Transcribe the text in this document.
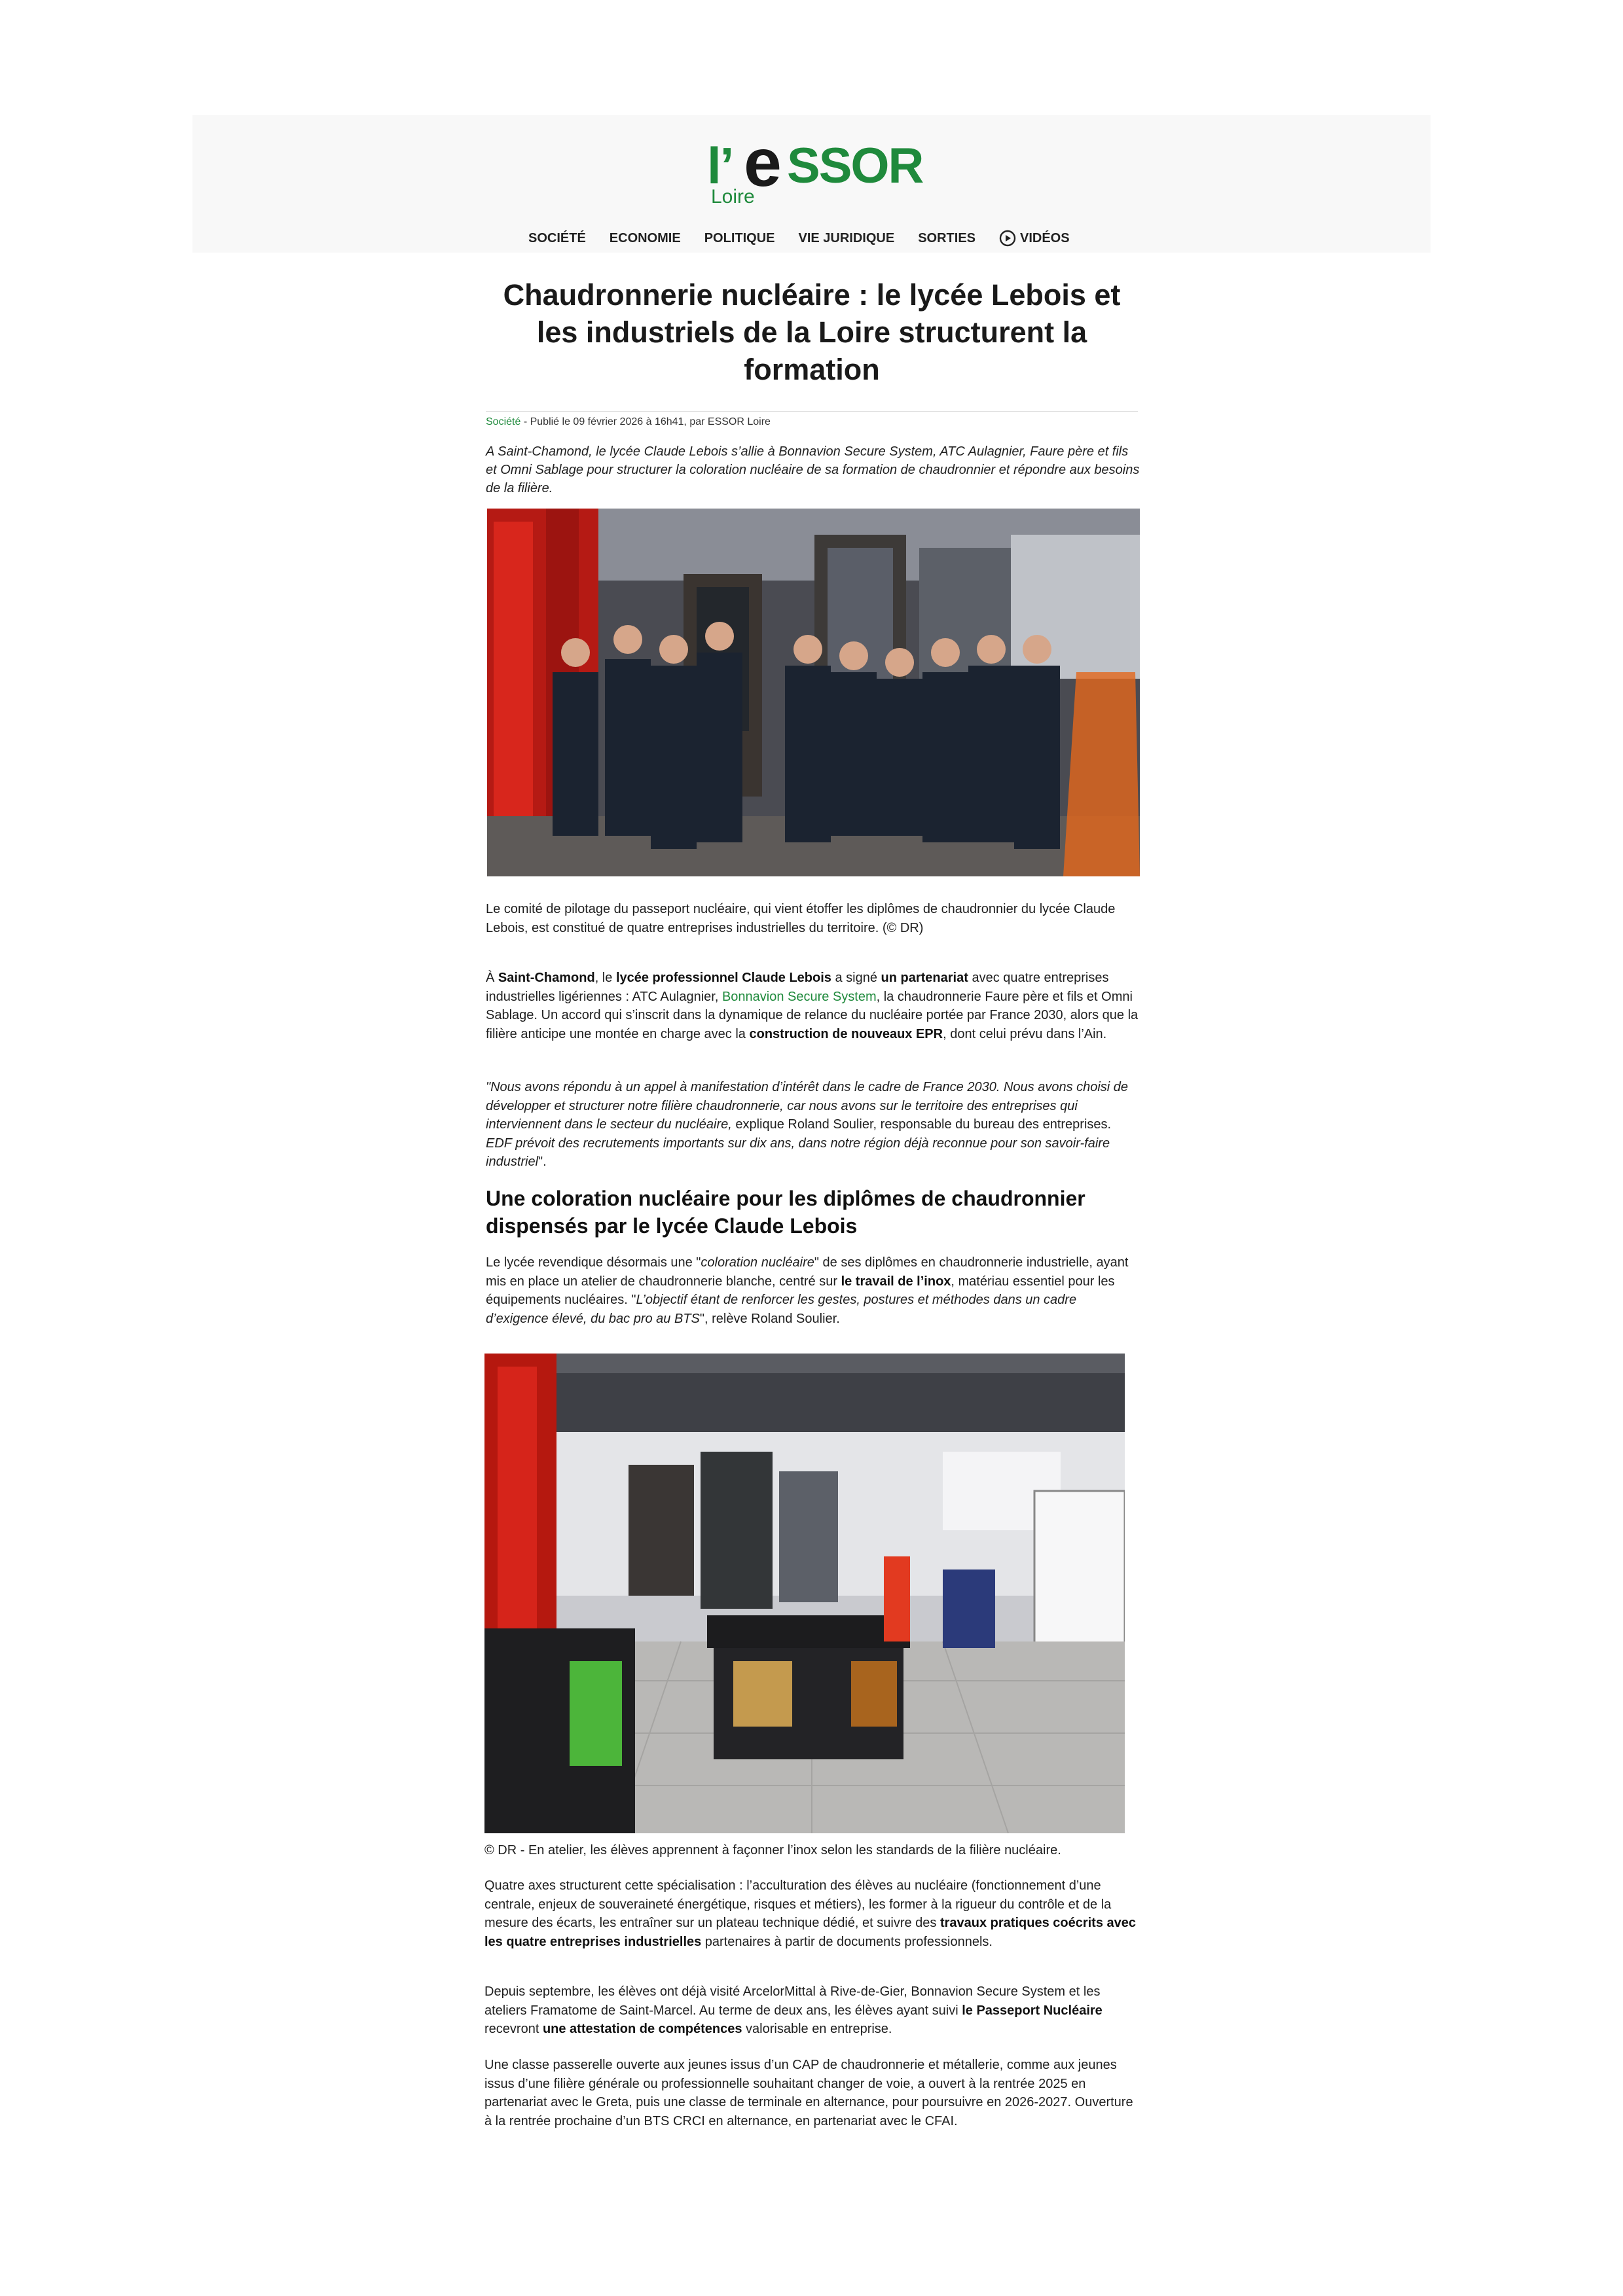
l’ e SSOR
Loire
SOCIÉTÉ ECONOMIE POLITIQUE VIE JURIDIQUE SORTIES	VIDÉOS
Chaudronnerie nucléaire : le lycée Lebois et les industriels de la Loire structurent la formation
Société - Publié le 09 février 2026 à 16h41, par ESSOR Loire
A Saint-Chamond, le lycée Claude Lebois s’allie à Bonnavion Secure System, ATC Aulagnier, Faure père et fils et Omni Sablage pour structurer la coloration nucléaire de sa formation de chaudronnier et répondre aux besoins de la filière.
Le comité de pilotage du passeport nucléaire, qui vient étoffer les diplômes de chaudronnier du lycée Claude Lebois, est constitué de quatre entreprises industrielles du territoire. (© DR)
À Saint-Chamond, le lycée professionnel Claude Lebois a signé un partenariat avec quatre entreprises industrielles ligériennes : ATC Aulagnier, Bonnavion Secure System, la chaudronnerie Faure père et fils et Omni Sablage. Un accord qui s’inscrit dans la dynamique de relance du nucléaire portée par France 2030, alors que la filière anticipe une montée en charge avec la construction de nouveaux EPR, dont celui prévu dans l’Ain.
"Nous avons répondu à un appel à manifestation d’intérêt dans le cadre de France 2030. Nous avons choisi de développer et structurer notre filière chaudronnerie, car nous avons sur le territoire des entreprises qui interviennent dans le secteur du nucléaire, explique Roland Soulier, responsable du bureau des entreprises. EDF prévoit des recrutements importants sur dix ans, dans notre région déjà reconnue pour son savoir-faire industriel".
Une coloration nucléaire pour les diplômes de chaudronnier dispensés par le lycée Claude Lebois
Le lycée revendique désormais une "coloration nucléaire" de ses diplômes en chaudronnerie industrielle, ayant mis en place un atelier de chaudronnerie blanche, centré sur le travail de l’inox, matériau essentiel pour les équipements nucléaires. "L’objectif étant de renforcer les gestes, postures et méthodes dans un cadre d’exigence élevé, du bac pro au BTS", relève Roland Soulier.
© DR - En atelier, les élèves apprennent à façonner l’inox selon les standards de la filière nucléaire.
Quatre axes structurent cette spécialisation : l’acculturation des élèves au nucléaire (fonctionnement d’une centrale, enjeux de souveraineté énergétique, risques et métiers), les former à la rigueur du contrôle et de la mesure des écarts, les entraîner sur un plateau technique dédié, et suivre des travaux pratiques coécrits avec les quatre entreprises industrielles partenaires à partir de documents professionnels.
Depuis septembre, les élèves ont déjà visité ArcelorMittal à Rive-de-Gier, Bonnavion Secure System et les ateliers Framatome de Saint-Marcel. Au terme de deux ans, les élèves ayant suivi le Passeport Nucléaire recevront une attestation de compétences valorisable en entreprise.
Une classe passerelle ouverte aux jeunes issus d’un CAP de chaudronnerie et métallerie, comme aux jeunes issus d’une filière générale ou professionnelle souhaitant changer de voie, a ouvert à la rentrée 2025 en partenariat avec le Greta, puis une classe de terminale en alternance, pour poursuivre en 2026-2027. Ouverture à la rentrée prochaine d’un BTS CRCI en alternance, en partenariat avec le CFAI.
